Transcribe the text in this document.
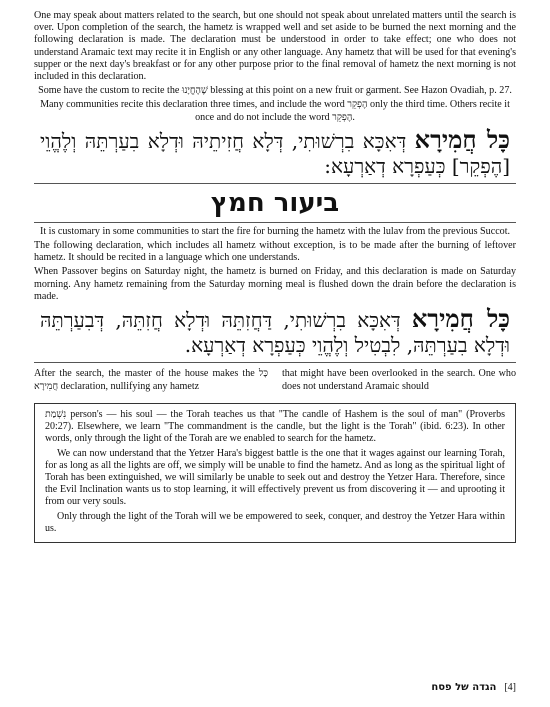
One may speak about matters related to the search, but one should not speak about unrelated matters until the search is over. Upon completion of the search, the hametz is wrapped well and set aside to be burned the next morning and the following declaration is made. The declaration must be understood in order to take effect; one who does not understand Aramaic text may recite it in English or any other language. Any hametz that will be used for that evening's supper or the next day's breakfast or for any other purpose prior to the final removal of hametz the next morning is not included in this declaration.

Some have the custom to recite the שֶׁהֶחֱיָנוּ blessing at this point on a new fruit or garment. See Hazon Ovadiah, p. 27.

Many communities recite this declaration three times, and include the word הֶפְקֵר only the third time. Others recite it once and do not include the word הֶפְקֵר.

כָּל חֲמִירָא דְּאִכָּא בִרְשׁוּתִי, דְּלָא חֲזִיתֵיהּ וּדְלָא בִעַרְתֵּהּ וְלֶהֱוֵי [הֶפְקֵר] כְּעַפְרָא דְאַרְעָא:

ביעור חמץ

It is customary in some communities to start the fire for burning the hametz with the lulav from the previous Succot.

The following declaration, which includes all hametz without exception, is to be made after the burning of leftover hametz. It should be recited in a language which one understands.

When Passover begins on Saturday night, the hametz is burned on Friday, and this declaration is made on Saturday morning. Any hametz remaining from the Saturday morning meal is flushed down the drain before the declaration is made.

כָּל חֲמִירָא דְּאִכָּא בִרְשׁוּתִי, דַּחֲזִתֵּהּ וּדְלָא חֲזִתֵּהּ, דְּבִעַרְתֵּהּ וּדְלָא בִעַרְתֵּהּ, לִבְטִיל וְלֶהֱוֵי כְּעַפְרָא דְאַרְעָא.

After the search, the master of the house makes the כָּל חֲמִירָא declaration, nullifying any hametz
that might have been overlooked in the search. One who does not understand Aramaic should

נִשְׁמַת person's — his soul — the Torah teaches us that "The candle of Hashem is the soul of man" (Proverbs 20:27). Elsewhere, we learn "The commandment is the candle, but the light is the Torah" (ibid. 6:23). In other words, only through the light of the Torah are we enabled to search for the hametz.

We can now understand that the Yetzer Hara's biggest battle is the one that it wages against our learning Torah, for as long as all the lights are off, we simply will be unable to find the hametz. And as long as the spiritual light of Torah has been extinguished, we will similarly be unable to seek out and destroy the Yetzer Hara. Therefore, since the Evil Inclination wants us to stop learning, it will effectively prevent us from discovering it — and uprooting it from our very souls.

Only through the light of the Torah will we be empowered to seek, conquer, and destroy the Yetzer Hara within us.

הגדה של פסח [4]
